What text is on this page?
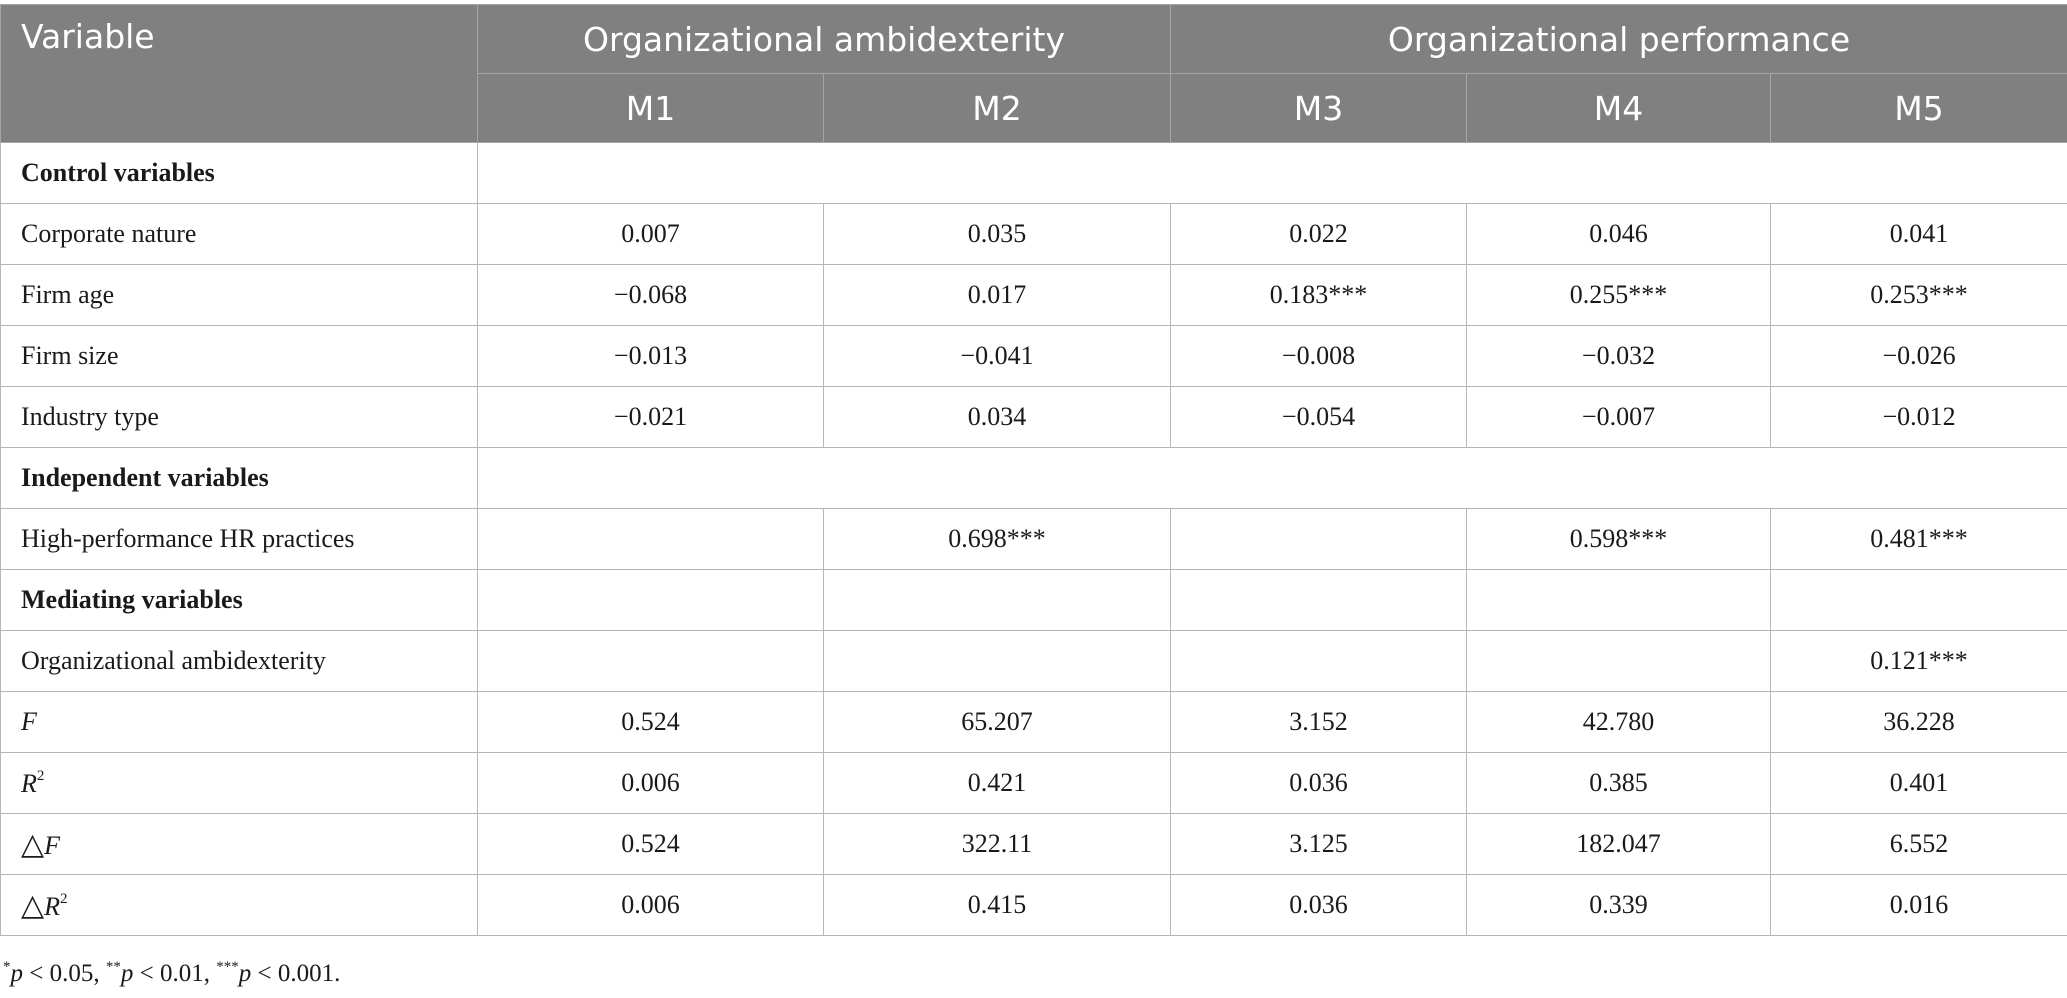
Variable	Organizational ambidexterity		Organizational performance		
	M1	M2	M3	M4	M5
Control variables					
Corporate nature	0.007	0.035	0.022	0.046	0.041
Firm age	−0.068	0.017	0.183***	0.255***	0.253***
Firm size	−0.013	−0.041	−0.008	−0.032	−0.026
Industry type	−0.021	0.034	−0.054	−0.007	−0.012
Independent variables					
High-performance HR practices		0.698***		0.598***	0.481***
Mediating variables					
Organizational ambidexterity					0.121***
F	0.524	65.207	3.152	42.780	36.228
$R^2$	0.006	0.421	0.036	0.385	0.401
△F	0.524	322.11	3.125	182.047	6.552
$\triangle R^2$	0.006	0.415	0.036	0.339	0.016
*p < 0.05, **p < 0.01, ***p < 0.001.
